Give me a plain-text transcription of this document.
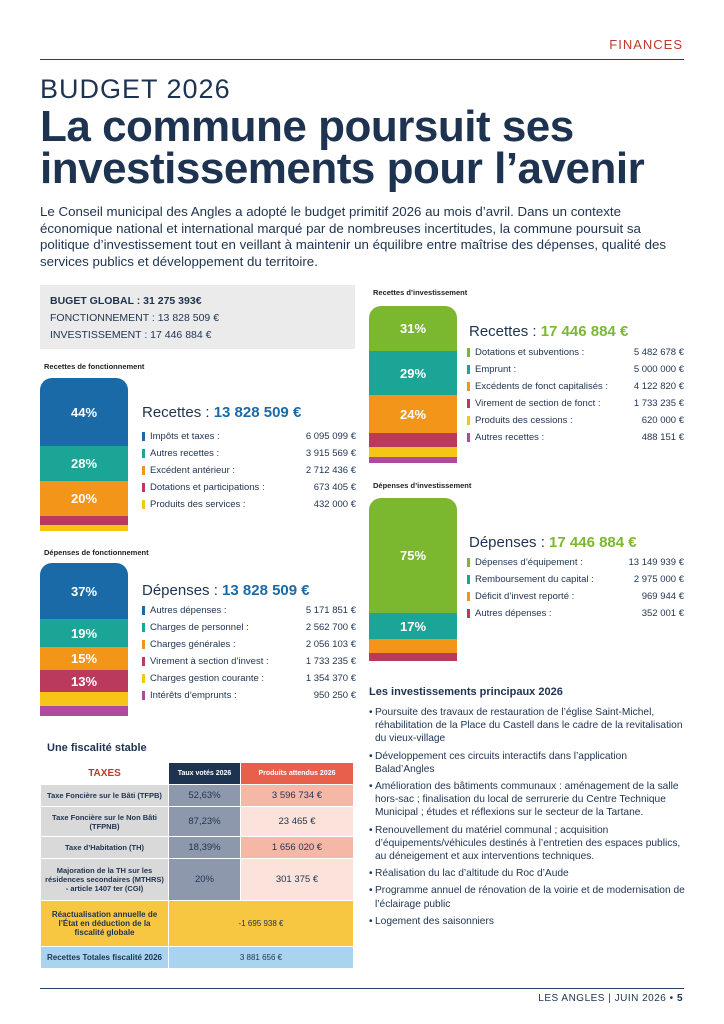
FINANCES
BUDGET 2026
La commune poursuit ses
investissements pour l’avenir
Le Conseil municipal des Angles a adopté le budget primitif 2026 au mois d’avril. Dans un contexte économique national et international marqué par de nombreuses incertitudes, la commune poursuit sa politique d’investissement tout en veillant à maintenir un équilibre entre maîtrise des dépenses, qualité des services publics et développement du territoire.
BUGET GLOBAL : 31 275 393€
FONCTIONNEMENT : 13 828 509 €
INVESTISSEMENT : 17 446 884 €
Recettes de fonctionnement
44%
28%
20%
Recettes : 13 828 509 €
Impôts et taxes :	6 095 099 €
Autres recettes :	3 915 569 €
Excédent antérieur :	2 712 436 €
Dotations et participations :	673 405 €
Produits des services :	432 000 €
Dépenses de fonctionnement
37%
19%
15%
13%
Dépenses : 13 828 509 €
Autres dépenses :	5 171 851 €
Charges de personnel :	2 562 700 €
Charges générales :	2 056 103 €
Virement à section d’invest :	1 733 235 €
Charges gestion courante :	1 354 370 €
Intérêts d’emprunts :	950 250 €
Recettes d’investissement
31%
29%
24%
Recettes : 17 446 884 €
Dotations et subventions :	5 482 678 €
Emprunt :	5 000 000 €
Excédents de fonct capitalisés :	4 122 820 €
Virement de section de fonct :	1 733 235 €
Produits des cessions :	620 000 €
Autres recettes :	488 151 €
Dépenses d’investissement
75%
17%
Dépenses : 17 446 884 €
Dépenses d’équipement :	13 149 939 €
Remboursement du capital :	2 975 000 €
Déficit d’invest reporté :	969 944 €
Autres dépenses :	352 001 €
Une fiscalité stable
TAXES	Taux votés 2026	Produits attendus 2026
Taxe Foncière sur le Bâti (TFPB)	52,63%	3 596 734 €
Taxe Foncière sur le Non Bâti (TFPNB)	87,23%	23 465 €
Taxe d’Habitation (TH)	18,39%	1 656 020 €
Majoration de la TH sur les résidences secondaires (MTHRS) - article 1407 ter (CGI)	20%	301 375 €
Réactualisation annuelle de l’État en déduction de la fiscalité globale	-1 695 938 €	
Recettes Totales fiscalité 2026	3 881 656 €	
Les investissements principaux 2026
• Poursuite des travaux de restauration de l’église Saint-Michel, réhabilitation de la Place du Castell dans le cadre de la revitalisation du vieux-village
• Développement ces circuits interactifs dans l’application Balad’Angles
• Amélioration des bâtiments communaux : aménagement de la salle hors-sac ; finalisation du local de serrurerie du Centre Technique Municipal ; études et réflexions sur le secteur de la Tartane.
• Renouvellement du matériel communal ; acquisition d’équipements/véhicules destinés à l’entretien des espaces publics, au déneigement et aux interventions techniques.
• Réalisation du lac d’altitude du Roc d’Aude
• Programme annuel de rénovation de la voirie et de modernisation de l’éclairage public
• Logement des saisonniers
LES ANGLES | JUIN 2026 • 5
